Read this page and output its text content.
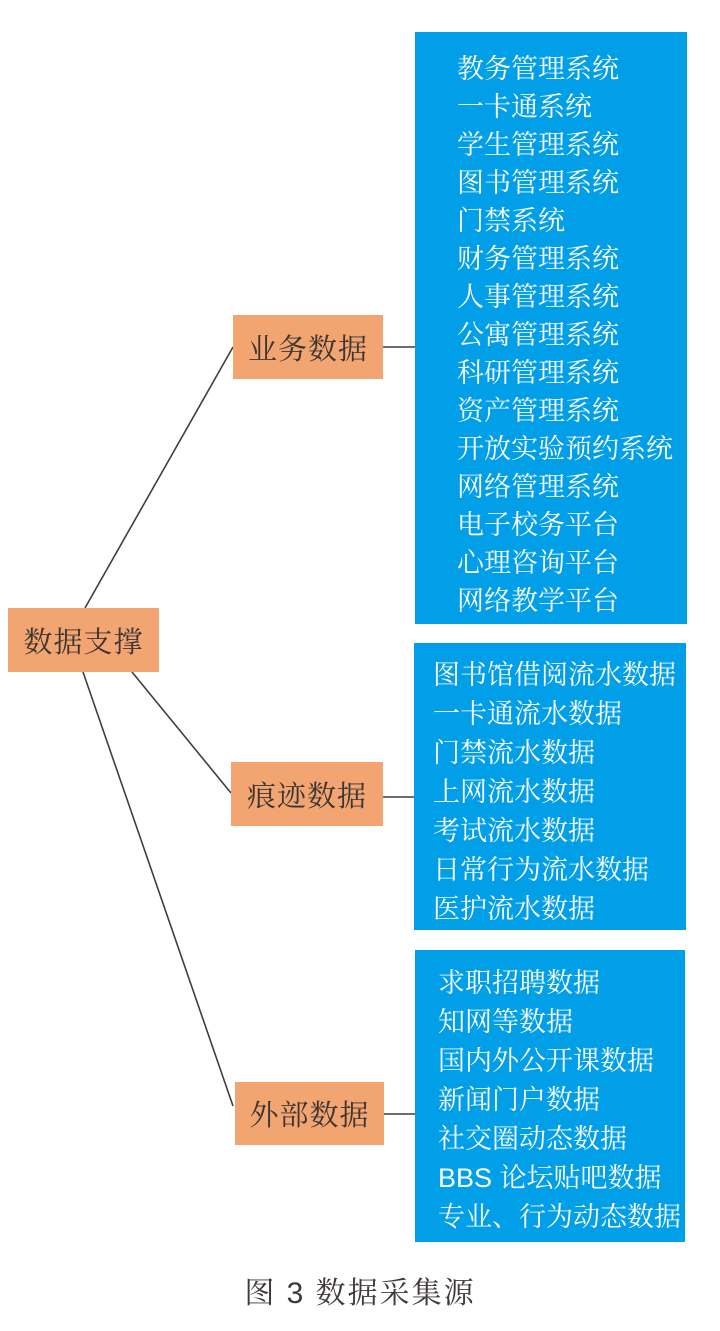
数据支撑
业务数据
痕迹数据
外部数据
教务管理系统
一卡通系统
学生管理系统
图书管理系统
门禁系统
财务管理系统
人事管理系统
公寓管理系统
科研管理系统
资产管理系统
开放实验预约系统
网络管理系统
电子校务平台
心理咨询平台
网络教学平台
图书馆借阅流水数据
一卡通流水数据
门禁流水数据
上网流水数据
考试流水数据
日常行为流水数据
医护流水数据
求职招聘数据
知网等数据
国内外公开课数据
新闻门户数据
社交圈动态数据
BBS 论坛贴吧数据
专业、行为动态数据
图 3 数据采集源
